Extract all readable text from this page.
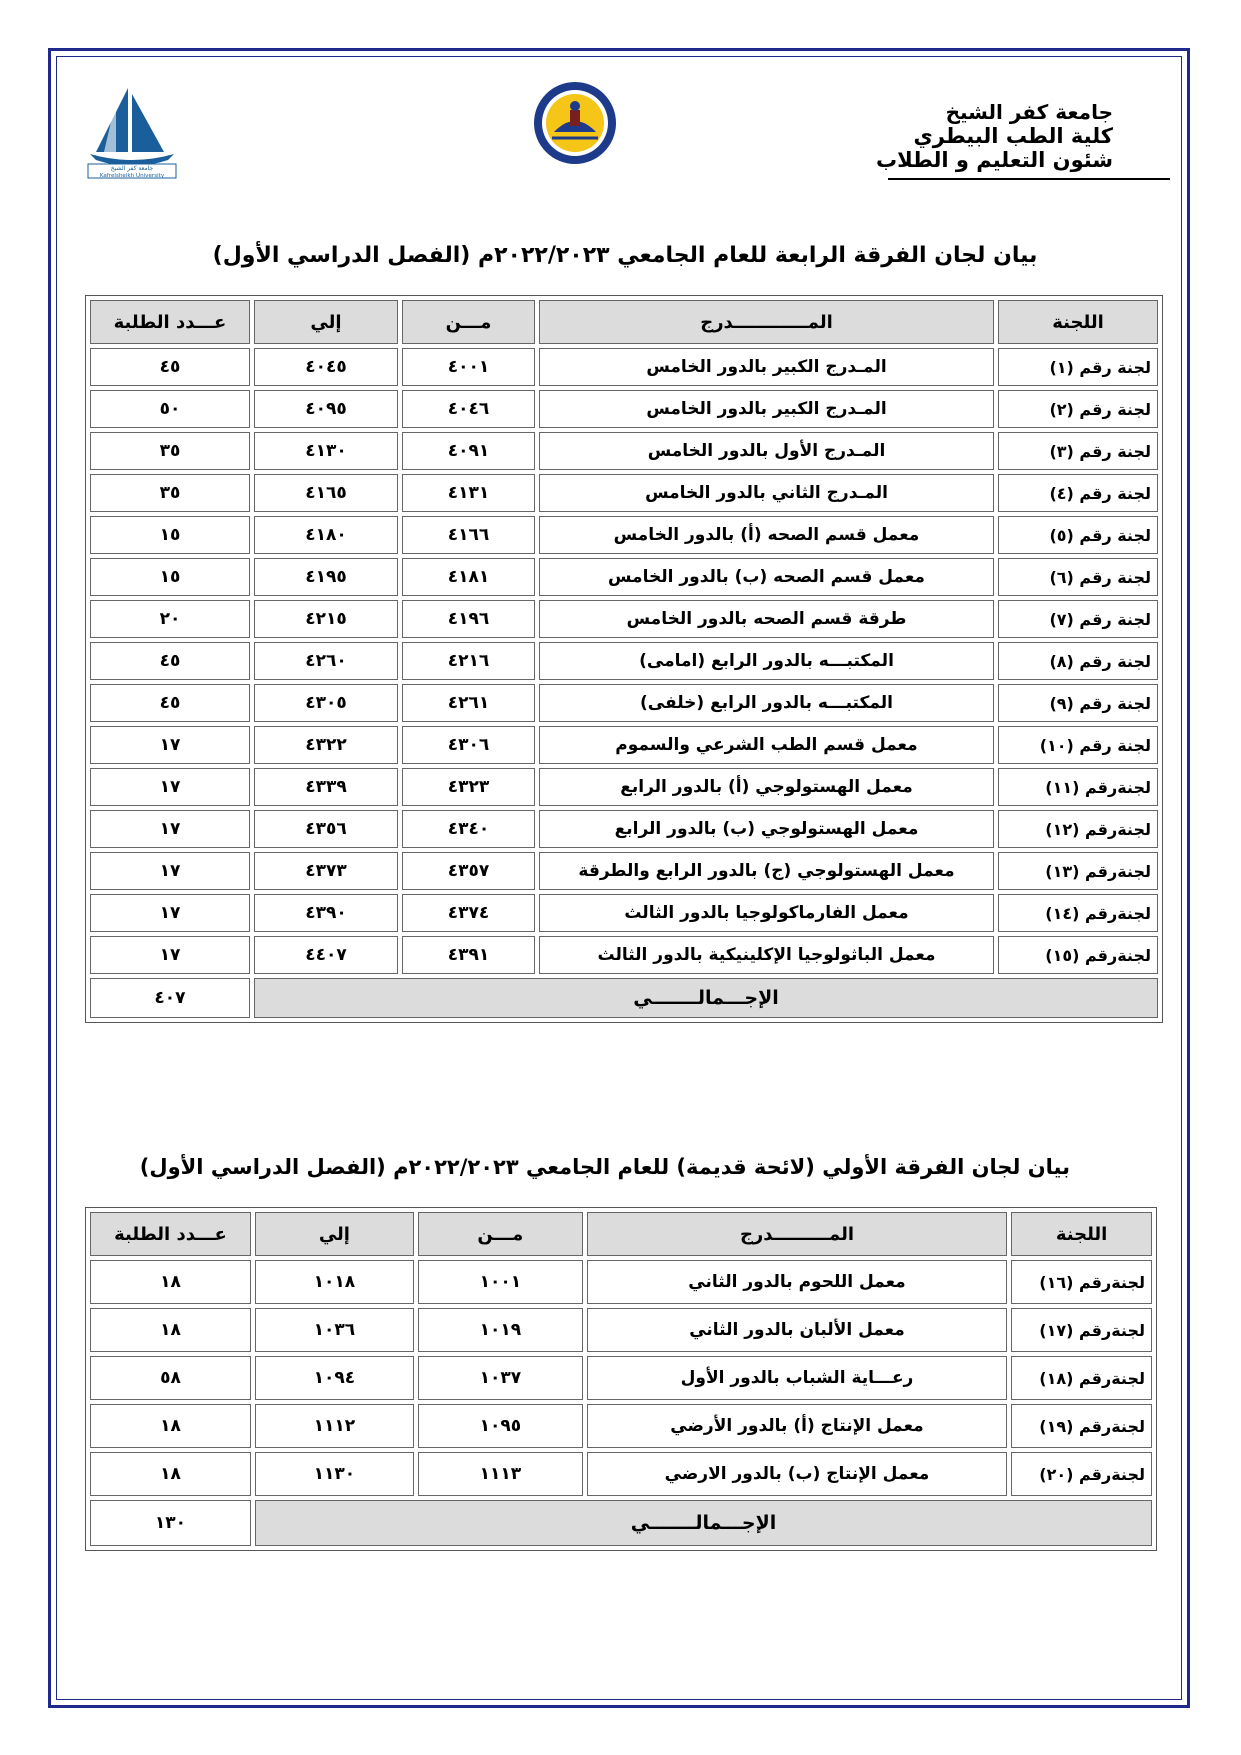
جامعة كفر الشيخ
كلية الطب البيطري
شئون التعليم و الطلاب
جامعة كفر الشيخ
Kafrelsheikh University
بيان لجان الفرقة الرابعة للعام الجامعي ٢٠٢٢/٢٠٢٣م (الفصل الدراسي الأول)
اللجنة	المــــــــــــدرج	مـــن	إلي	عـــدد الطلبة
لجنة رقم (١)	المـدرج الكبير بالدور الخامس	٤٠٠١	٤٠٤٥	٤٥
لجنة رقم (٢)	المـدرج الكبير بالدور الخامس	٤٠٤٦	٤٠٩٥	٥٠
لجنة رقم (٣)	المـدرج الأول بالدور الخامس	٤٠٩١	٤١٣٠	٣٥
لجنة رقم (٤)	المـدرج الثاني بالدور الخامس	٤١٣١	٤١٦٥	٣٥
لجنة رقم (٥)	معمل قسم الصحه (أ) بالدور الخامس	٤١٦٦	٤١٨٠	١٥
لجنة رقم (٦)	معمل قسم الصحه (ب) بالدور الخامس	٤١٨١	٤١٩٥	١٥
لجنة رقم (٧)	طرقة قسم الصحه بالدور الخامس	٤١٩٦	٤٢١٥	٢٠
لجنة رقم (٨)	المكتبـــه بالدور الرابع (امامى)	٤٢١٦	٤٢٦٠	٤٥
لجنة رقم (٩)	المكتبـــه بالدور الرابع (خلفى)	٤٢٦١	٤٣٠٥	٤٥
لجنة رقم (١٠)	معمل قسم الطب الشرعي والسموم	٤٣٠٦	٤٣٢٢	١٧
لجنةرقم (١١)	معمل الهستولوجي (أ) بالدور الرابع	٤٣٢٣	٤٣٣٩	١٧
لجنةرقم (١٢)	معمل الهستولوجي (ب) بالدور الرابع	٤٣٤٠	٤٣٥٦	١٧
لجنةرقم (١٣)	معمل الهستولوجي (ج) بالدور الرابع والطرقة	٤٣٥٧	٤٣٧٣	١٧
لجنةرقم (١٤)	معمل الفارماكولوجيا بالدور الثالث	٤٣٧٤	٤٣٩٠	١٧
لجنةرقم (١٥)	معمل الباثولوجيا الإكلينيكية بالدور الثالث	٤٣٩١	٤٤٠٧	١٧
الإجـــمالـــــــي				٤٠٧
بيان لجان الفرقة الأولي (لائحة قديمة) للعام الجامعي ٢٠٢٢/٢٠٢٣م (الفصل الدراسي الأول)
اللجنة	المـــــــــدرج	مـــن	إلي	عـــدد الطلبة
لجنةرقم (١٦)	معمل اللحوم بالدور الثاني	١٠٠١	١٠١٨	١٨
لجنةرقم (١٧)	معمل الألبان بالدور الثاني	١٠١٩	١٠٣٦	١٨
لجنةرقم (١٨)	رعـــاية الشباب بالدور الأول	١٠٣٧	١٠٩٤	٥٨
لجنةرقم (١٩)	معمل الإنتاج (أ) بالدور الأرضي	١٠٩٥	١١١٢	١٨
لجنةرقم (٢٠)	معمل الإنتاج (ب) بالدور الارضي	١١١٣	١١٣٠	١٨
الإجـــمالـــــــي				١٣٠
